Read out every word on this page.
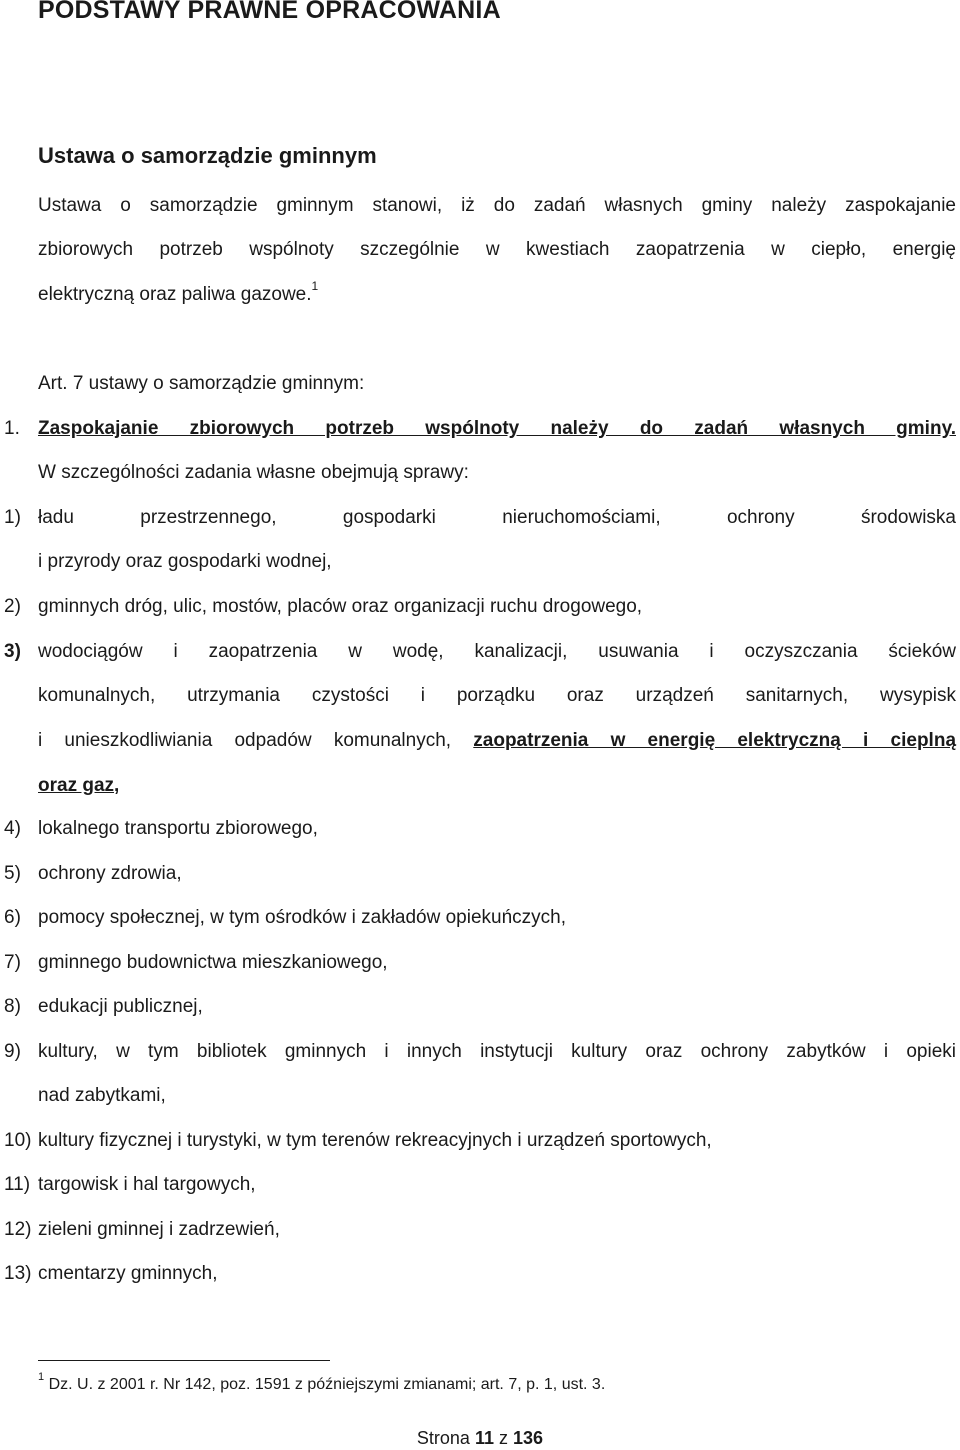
PODSTAWY PRAWNE OPRACOWANIA
Ustawa o samorządzie gminnym
Ustawa o samorządzie gminnym stanowi, iż do zadań własnych gminy należy zaspokajanie
zbiorowych potrzeb wspólnoty szczególnie w kwestiach zaopatrzenia w ciepło, energię
elektryczną oraz paliwa gazowe.$^1$
Art. 7 ustawy o samorządzie gminnym:
1. Zaspokajanie zbiorowych potrzeb wspólnoty należy do zadań własnych gminy.
W szczególności zadania własne obejmują sprawy:
1) ładu przestrzennego, gospodarki nieruchomościami, ochrony środowiska
i przyrody oraz gospodarki wodnej,
2) gminnych dróg, ulic, mostów, placów oraz organizacji ruchu drogowego,
3) wodociągów i zaopatrzenia w wodę, kanalizacji, usuwania i oczyszczania ścieków
komunalnych, utrzymania czystości i porządku oraz urządzeń sanitarnych, wysypisk
i unieszkodliwiania odpadów komunalnych, zaopatrzenia w energię elektryczną i cieplną
oraz gaz,
4) lokalnego transportu zbiorowego,
5) ochrony zdrowia,
6) pomocy społecznej, w tym ośrodków i zakładów opiekuńczych,
7) gminnego budownictwa mieszkaniowego,
8) edukacji publicznej,
9) kultury, w tym bibliotek gminnych i innych instytucji kultury oraz ochrony zabytków i opieki
nad zabytkami,
10) kultury fizycznej i turystyki, w tym terenów rekreacyjnych i urządzeń sportowych,
11) targowisk i hal targowych,
12) zieleni gminnej i zadrzewień,
13) cmentarzy gminnych,
$^1$ Dz. U. z 2001 r. Nr 142, poz. 1591 z późniejszymi zmianami; art. 7, p. 1, ust. 3.
Strona 11 z 136
